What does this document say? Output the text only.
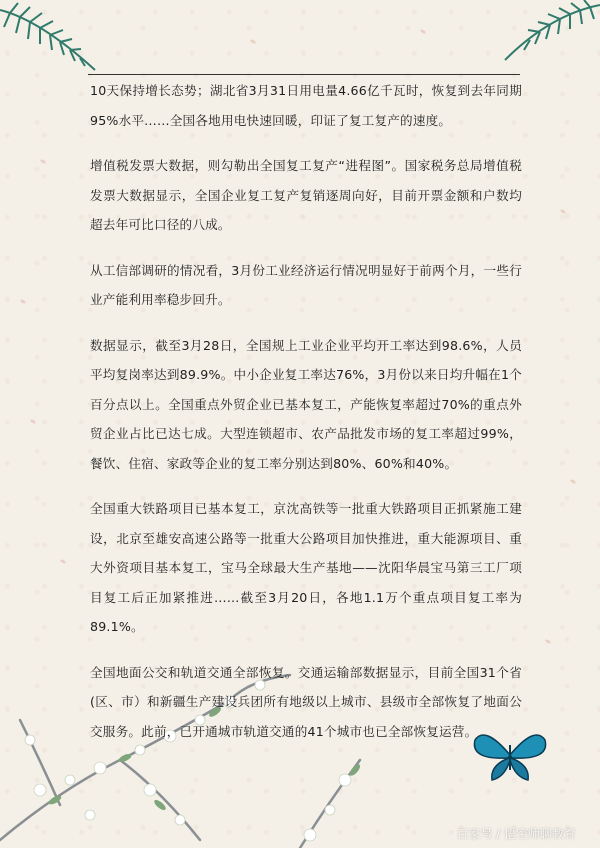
10天保持增长态势；湖北省3月31日用电量4.66亿千瓦时，恢复到去年同期95%水平……全国各地用电快速回暖，印证了复工复产的速度。

增值税发票大数据，则勾勒出全国复工复产“进程图”。国家税务总局增值税发票大数据显示，全国企业复工复产复销逐周向好，目前开票金额和户数均超去年可比口径的八成。

从工信部调研的情况看，3月份工业经济运行情况明显好于前两个月，一些行业产能利用率稳步回升。

数据显示，截至3月28日，全国规上工业企业平均开工率达到98.6%，人员平均复岗率达到89.9%。中小企业复工率达76%，3月份以来日均升幅在1个百分点以上。全国重点外贸企业已基本复工，产能恢复率超过70%的重点外贸企业占比已达七成。大型连锁超市、农产品批发市场的复工率超过99%，餐饮、住宿、家政等企业的复工率分别达到80%、60%和40%。

全国重大铁路项目已基本复工，京沈高铁等一批重大铁路项目正抓紧施工建设，北京至雄安高速公路等一批重大公路项目加快推进，重大能源项目、重大外资项目基本复工，宝马全球最大生产基地——沈阳华晨宝马第三工厂项目复工后正加紧推进……截至3月20日，各地1.1万个重点项目复工率为89.1%。

全国地面公交和轨道交通全部恢复。交通运输部数据显示，目前全国31个省(区、市）和新疆生产建设兵团所有地级以上城市、县级市全部恢复了地面公交服务。此前，已开通城市轨道交通的41个城市也已全部恢复运营。

百家号 / 悟空师聊教育
